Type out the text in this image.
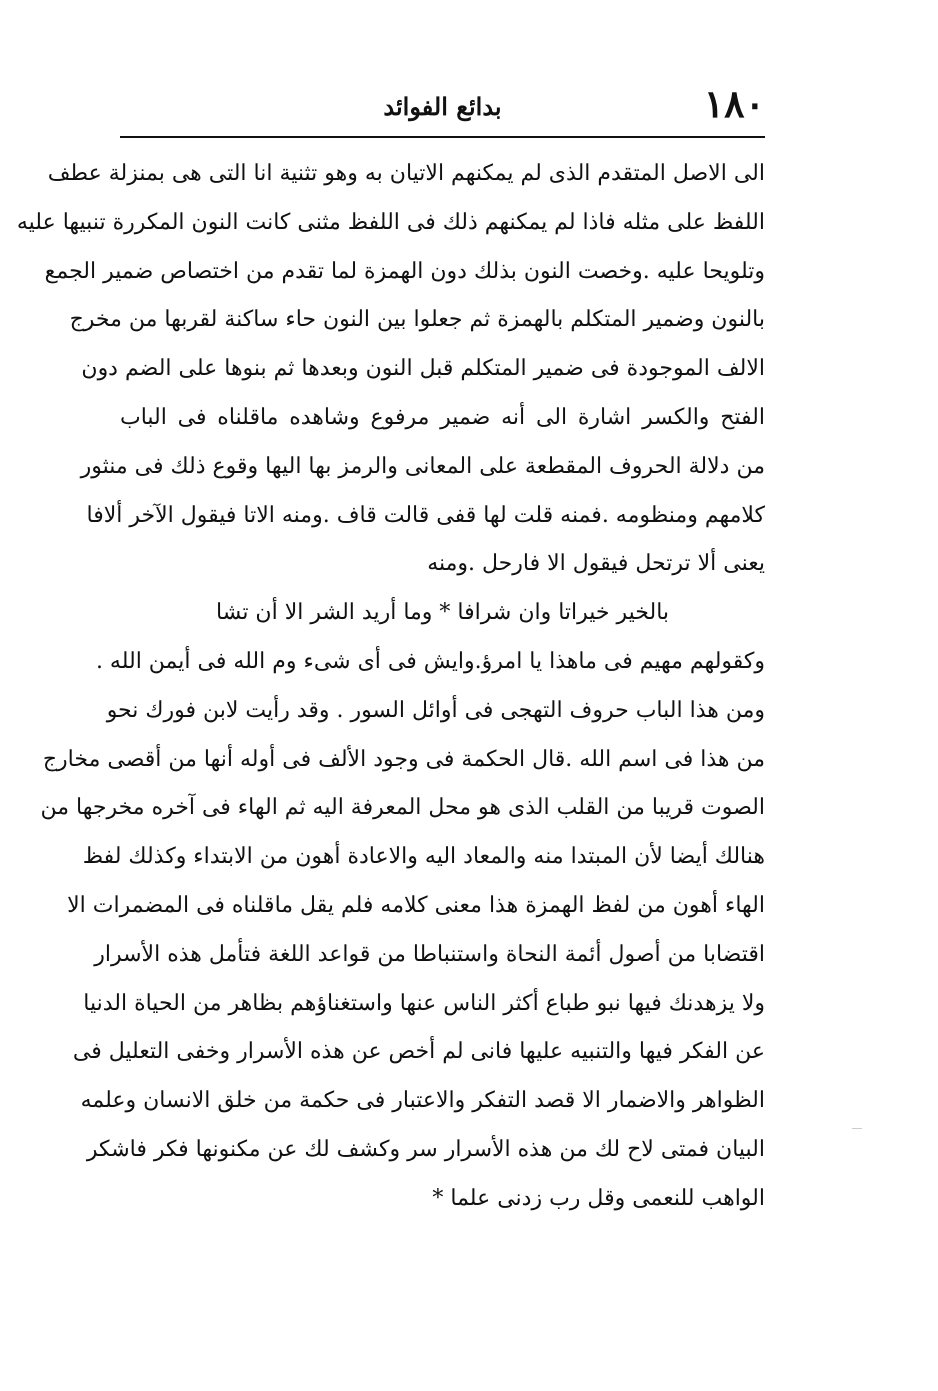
١٨٠
بدائع الفوائد
الى الاصل المتقدم الذى لم يمكنهم الاتيان به وهو تثنية انا التى هى بمنزلة عطف
اللفظ على مثله فاذا لم يمكنهم ذلك فى اللفظ مثنى كانت النون المكررة تنبيها عليه
وتلويحا عليه .وخصت النون بذلك دون الهمزة لما تقدم من اختصاص ضمير الجمع
بالنون وضمير المتكلم بالهمزة ثم جعلوا بين النون حاء ساكنة لقربها من مخرج
الالف الموجودة فى ضمير المتكلم قبل النون وبعدها ثم بنوها على الضم دون
الفتح والكسر اشارة الى أنه ضمير مرفوع وشاهده ماقلناه فى الباب
من دلالة الحروف المقطعة على المعانى والرمز بها اليها وقوع ذلك فى منثور
كلامهم ومنظومه .فمنه قلت لها قفى قالت قاف .ومنه الاتا فيقول الآخر ألافا
يعنى ألا ترتحل فيقول الا فارحل .ومنه
بالخير خيراتا وان شرافا * وما أريد الشر الا أن تشا
وكقولهم مهيم فى ماهذا يا امرؤ.وايش فى أى شىء وم الله فى أيمن الله .
ومن هذا الباب حروف التهجى فى أوائل السور . وقد رأيت لابن فورك نحو
من هذا فى اسم الله .قال الحكمة فى وجود الألف فى أوله أنها من أقصى مخارج
الصوت قريبا من القلب الذى هو محل المعرفة اليه ثم الهاء فى آخره مخرجها من
هنالك أيضا لأن المبتدا منه والمعاد اليه والاعادة أهون من الابتداء وكذلك لفظ
الهاء أهون من لفظ الهمزة هذا معنى كلامه فلم يقل ماقلناه فى المضمرات الا
اقتضابا من أصول أئمة النحاة واستنباطا من قواعد اللغة فتأمل هذه الأسرار
ولا يزهدنك فيها نبو طباع أكثر الناس عنها واستغناؤهم بظاهر من الحياة الدنيا
عن الفكر فيها والتنبيه عليها فانى لم أخص عن هذه الأسرار وخفى التعليل فى
الظواهر والاضمار الا قصد التفكر والاعتبار فى حكمة من خلق الانسان وعلمه
البيان فمتى لاح لك من هذه الأسرار سر وكشف لك عن مكنونها فكر فاشكر
الواهب للنعمى وقل رب زدنى علما *
